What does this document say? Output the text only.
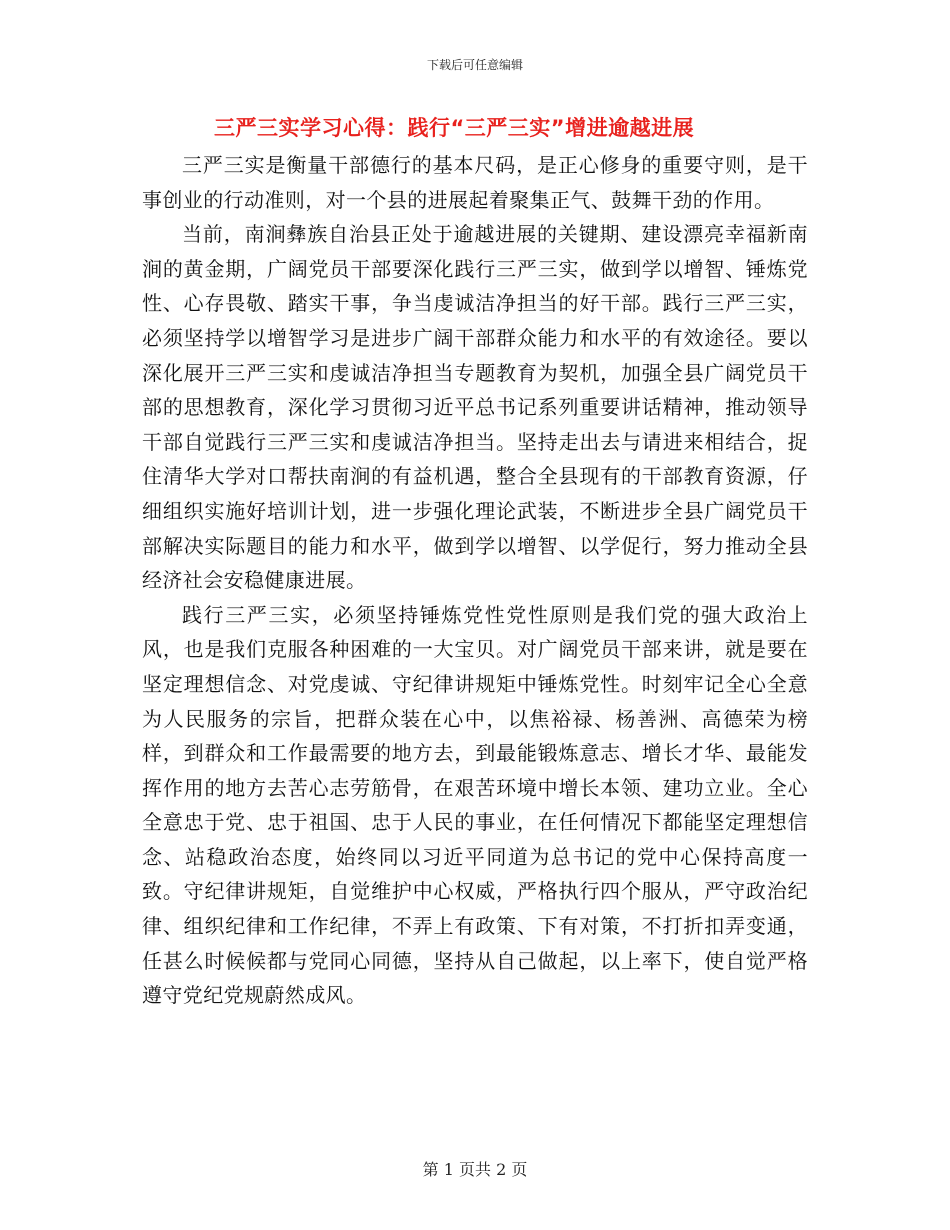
下载后可任意编辑
三严三实学习心得：践行“三严三实”增进逾越进展

三严三实是衡量干部德行的基本尺码，是正心修身的重要守则，是干事创业的行动准则，对一个县的进展起着聚集正气、鼓舞干劲的作用。

当前，南涧彝族自治县正处于逾越进展的关键期、建设漂亮幸福新南涧的黄金期，广阔党员干部要深化践行三严三实，做到学以增智、锤炼党性、心存畏敬、踏实干事，争当虔诚洁净担当的好干部。践行三严三实，必须坚持学以增智学习是进步广阔干部群众能力和水平的有效途径。要以深化展开三严三实和虔诚洁净担当专题教育为契机，加强全县广阔党员干部的思想教育，深化学习贯彻习近平总书记系列重要讲话精神，推动领导干部自觉践行三严三实和虔诚洁净担当。坚持走出去与请进来相结合，捉住清华大学对口帮扶南涧的有益机遇，整合全县现有的干部教育资源，仔细组织实施好培训计划，进一步强化理论武装，不断进步全县广阔党员干部解决实际题目的能力和水平，做到学以增智、以学促行，努力推动全县经济社会安稳健康进展。

践行三严三实，必须坚持锤炼党性党性原则是我们党的强大政治上风，也是我们克服各种困难的一大宝贝。对广阔党员干部来讲，就是要在坚定理想信念、对党虔诚、守纪律讲规矩中锤炼党性。时刻牢记全心全意为人民服务的宗旨，把群众装在心中，以焦裕禄、杨善洲、高德荣为榜样，到群众和工作最需要的地方去，到最能锻炼意志、增长才华、最能发挥作用的地方去苦心志劳筋骨，在艰苦环境中增长本领、建功立业。全心全意忠于党、忠于祖国、忠于人民的事业，在任何情况下都能坚定理想信念、站稳政治态度，始终同以习近平同道为总书记的党中心保持高度一致。守纪律讲规矩，自觉维护中心权威，严格执行四个服从，严守政治纪律、组织纪律和工作纪律，不弄上有政策、下有对策，不打折扣弄变通，任甚么时候候都与党同心同德，坚持从自己做起，以上率下，使自觉严格遵守党纪党规蔚然成风。

第 1 页共 2 页
